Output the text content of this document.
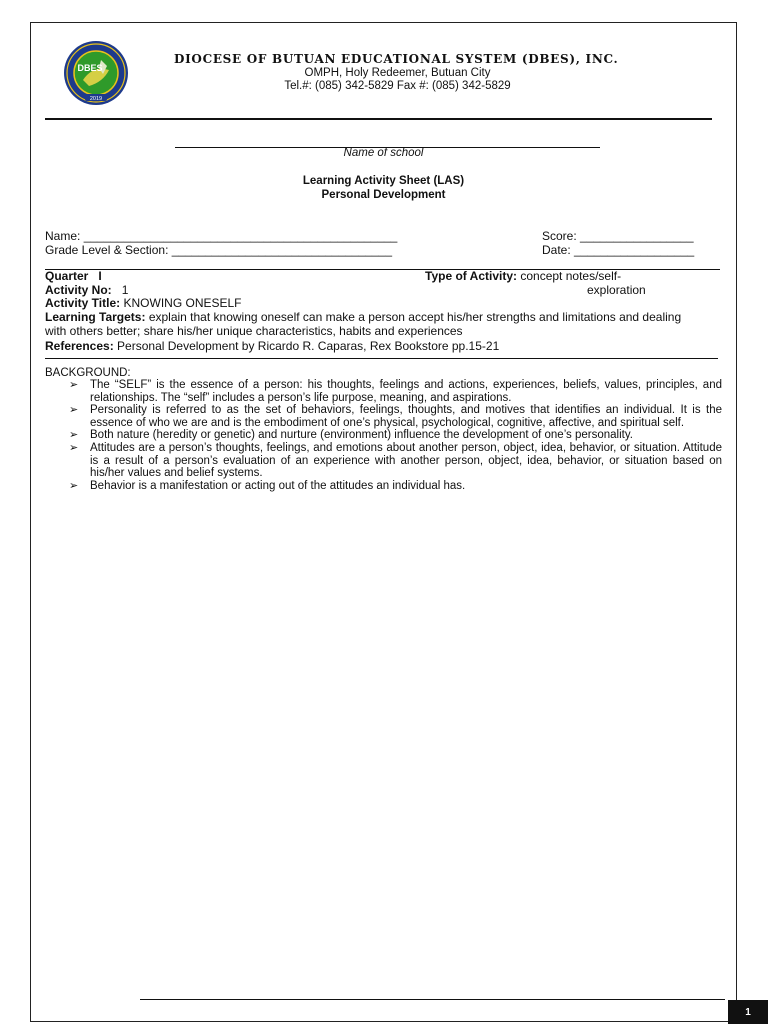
DBES
2019
DIOCESE OF BUTUAN EDUCATIONAL SYSTEM (DBES), INC.
OMPH, Holy Redeemer, Butuan City
Tel.#: (085) 342-5829 Fax #: (085) 342-5829
Name of school
Learning Activity Sheet (LAS)
Personal Development
Name: _______________________________________________	Score: _________________
Grade Level & Section: _________________________________	Date: __________________
Quarter I	Type of Activity: concept notes/self-
exploration
Activity No: 1
Activity Title: KNOWING ONESELF
Learning Targets: explain that knowing oneself can make a person accept his/her strengths and limitations and dealing with others better; share his/her unique characteristics, habits and experiences
References: Personal Development by Ricardo R. Caparas, Rex Bookstore pp.15-21
BACKGROUND:
➢ The “SELF” is the essence of a person: his thoughts, feelings and actions, experiences, beliefs, values, principles, and relationships. The “self” includes a person’s life purpose, meaning, and aspirations.
➢ Personality is referred to as the set of behaviors, feelings, thoughts, and motives that identifies an individual. It is the essence of who we are and is the embodiment of one’s physical, psychological, cognitive, affective, and spiritual self.
➢ Both nature (heredity or genetic) and nurture (environment) influence the development of one’s personality.
➢ Attitudes are a person’s thoughts, feelings, and emotions about another person, object, idea, behavior, or situation. Attitude is a result of a person’s evaluation of an experience with another person, object, idea, behavior, or situation based on his/her values and belief systems.
➢ Behavior is a manifestation or acting out of the attitudes an individual has.
1
